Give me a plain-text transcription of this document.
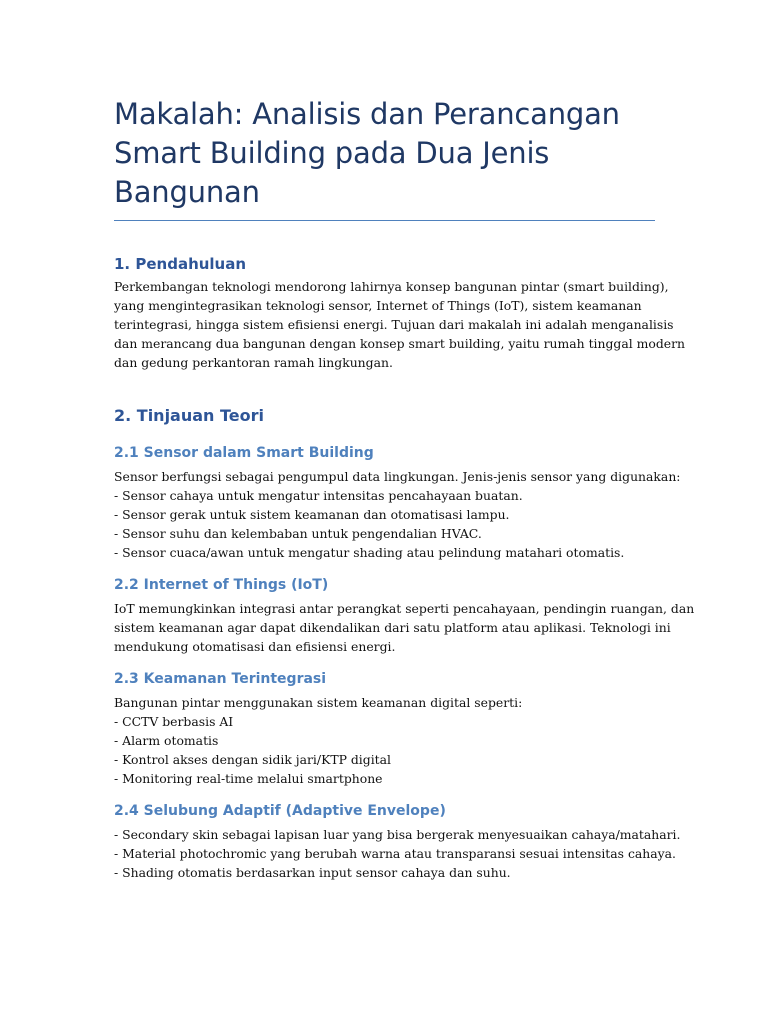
Makalah: Analisis dan Perancangan
Smart Building pada Dua Jenis
Bangunan
1. Pendahuluan

Perkembangan teknologi mendorong lahirnya konsep bangunan pintar (smart building),
yang mengintegrasikan teknologi sensor, Internet of Things (IoT), sistem keamanan
terintegrasi, hingga sistem efisiensi energi. Tujuan dari makalah ini adalah menganalisis
dan merancang dua bangunan dengan konsep smart building, yaitu rumah tinggal modern
dan gedung perkantoran ramah lingkungan.

2. Tinjauan Teori
2.1 Sensor dalam Smart Building

Sensor berfungsi sebagai pengumpul data lingkungan. Jenis-jenis sensor yang digunakan:
- Sensor cahaya untuk mengatur intensitas pencahayaan buatan.
- Sensor gerak untuk sistem keamanan dan otomatisasi lampu.
- Sensor suhu dan kelembaban untuk pengendalian HVAC.
- Sensor cuaca/awan untuk mengatur shading atau pelindung matahari otomatis.

2.2 Internet of Things (IoT)

IoT memungkinkan integrasi antar perangkat seperti pencahayaan, pendingin ruangan, dan
sistem keamanan agar dapat dikendalikan dari satu platform atau aplikasi. Teknologi ini
mendukung otomatisasi dan efisiensi energi.

2.3 Keamanan Terintegrasi

Bangunan pintar menggunakan sistem keamanan digital seperti:
- CCTV berbasis AI
- Alarm otomatis
- Kontrol akses dengan sidik jari/KTP digital
- Monitoring real-time melalui smartphone

2.4 Selubung Adaptif (Adaptive Envelope)

- Secondary skin sebagai lapisan luar yang bisa bergerak menyesuaikan cahaya/matahari.
- Material photochromic yang berubah warna atau transparansi sesuai intensitas cahaya.
- Shading otomatis berdasarkan input sensor cahaya dan suhu.
